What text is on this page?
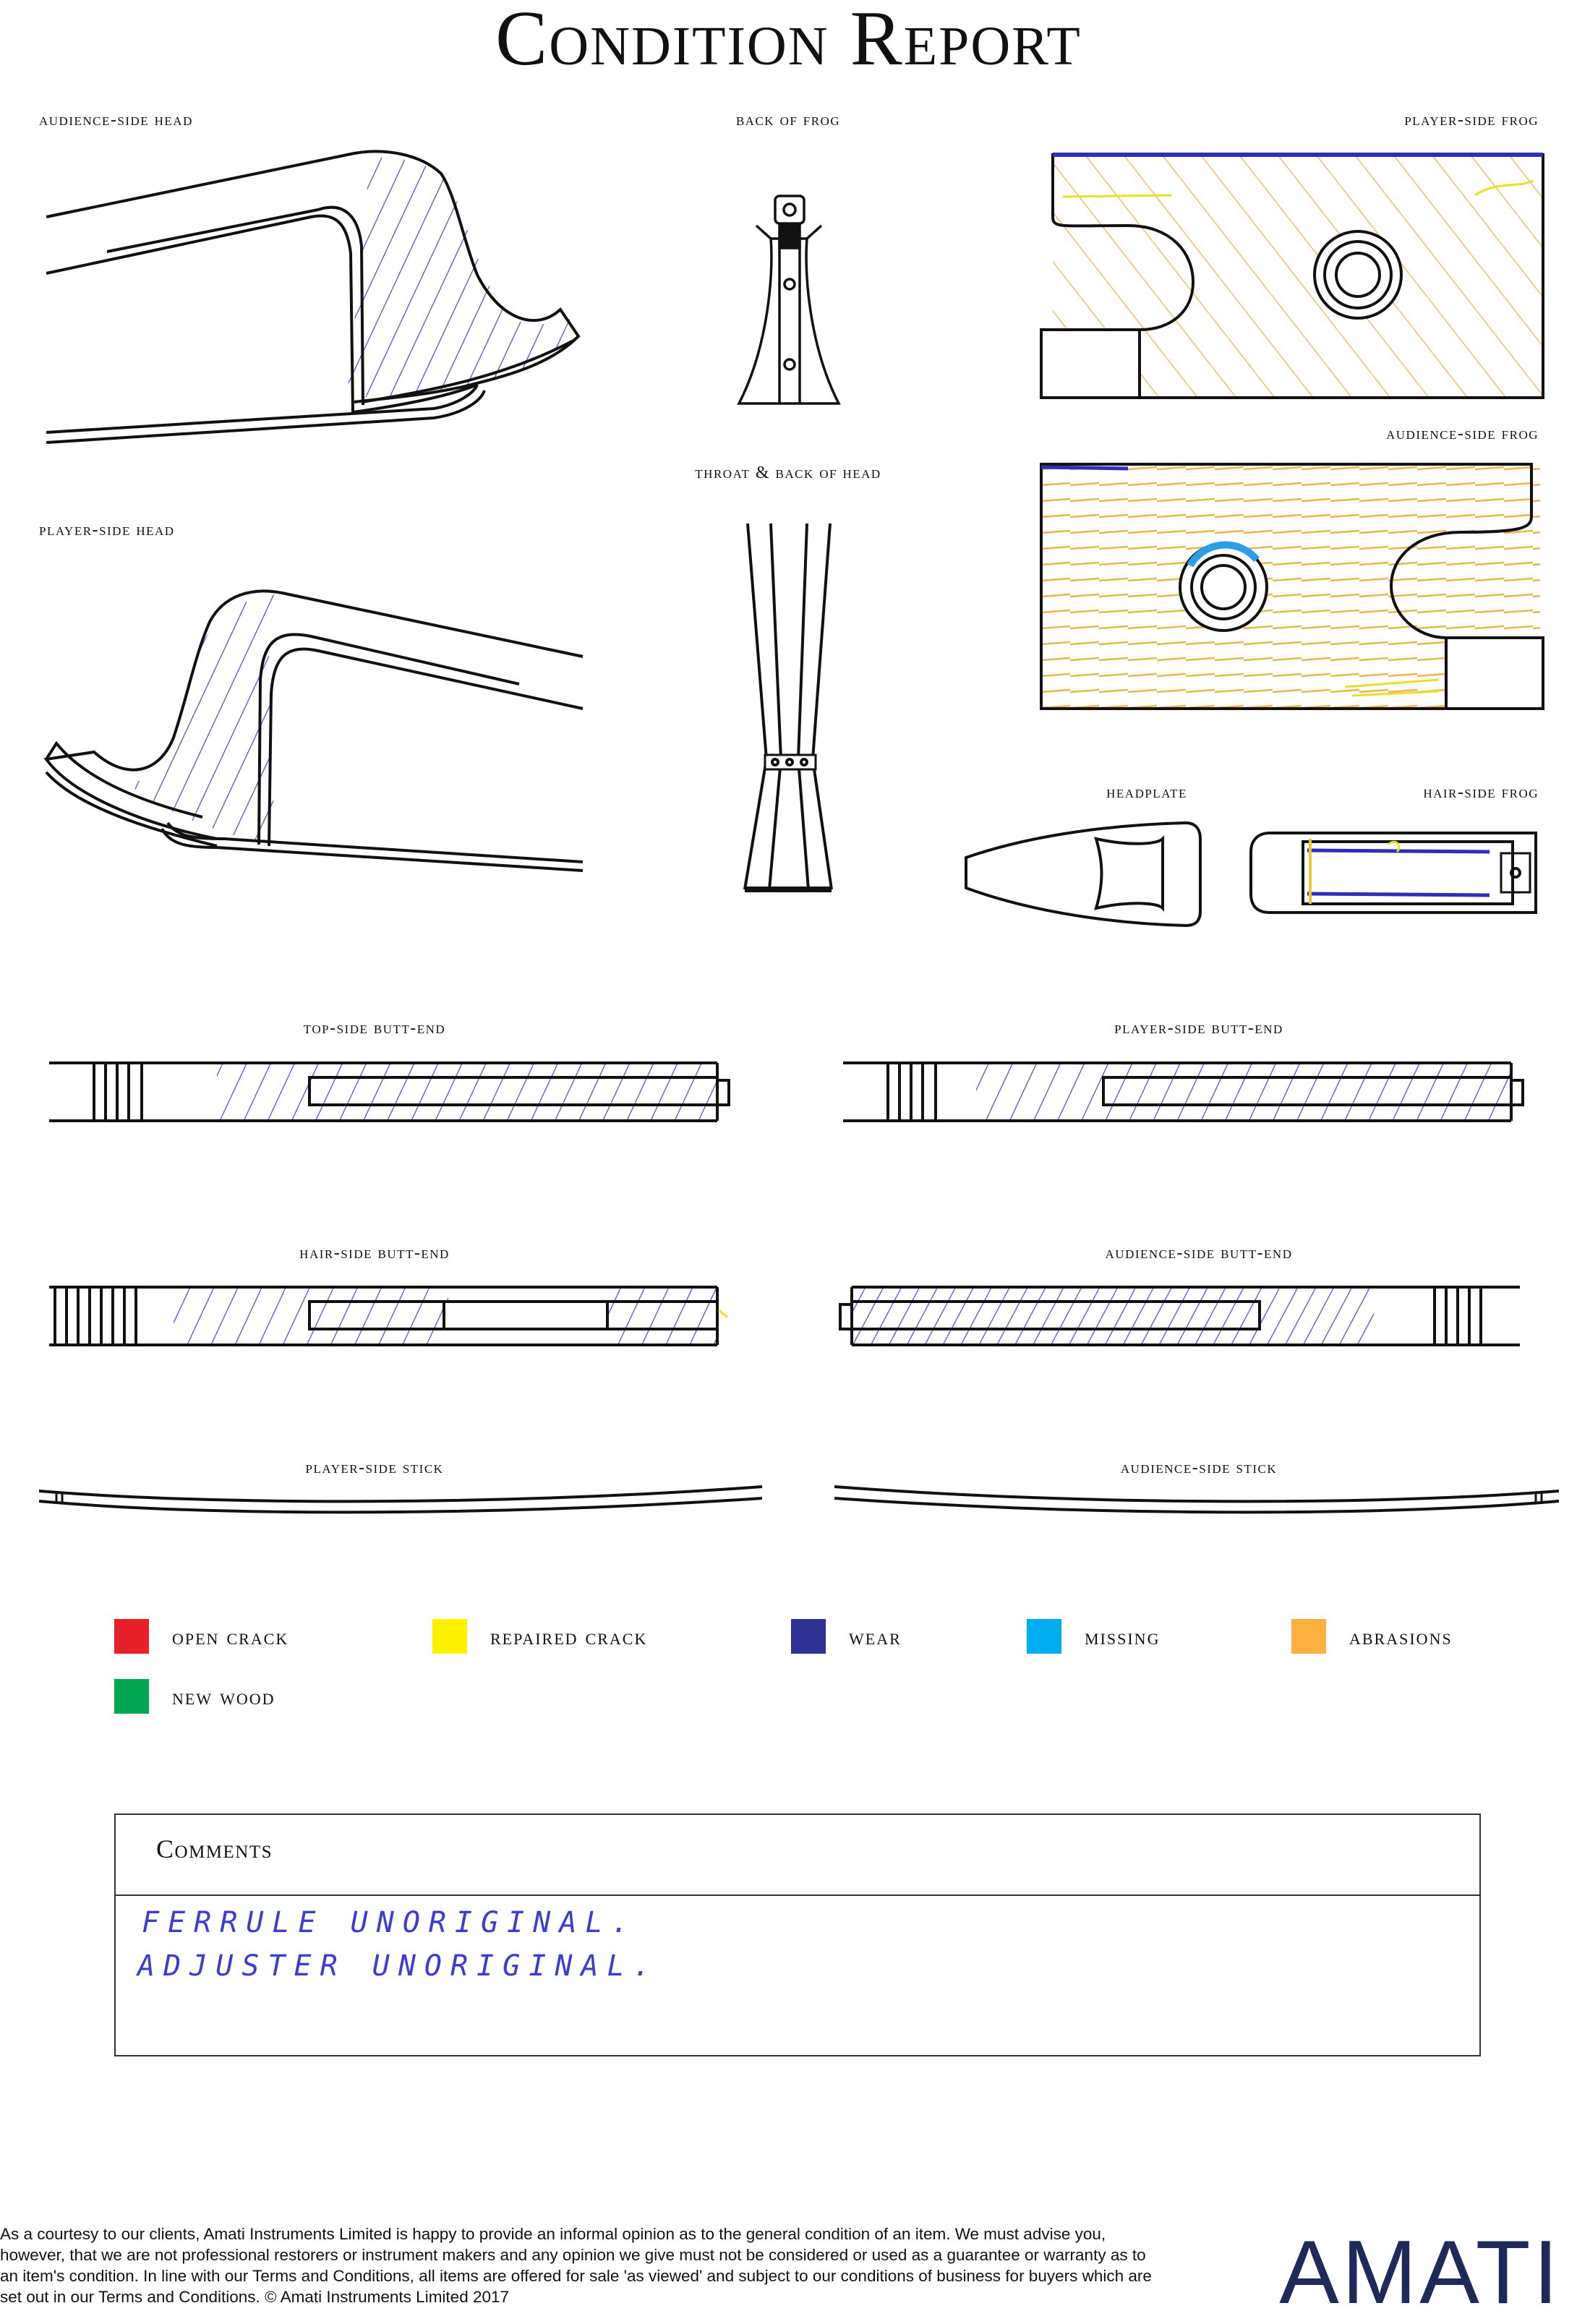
Condition Report
audience-side head	back of frog	player-side frog
audience-side frog
throat & back of head
player-side head
headplate	hair-side frog
top-side butt-end	player-side butt-end
hair-side butt-end	audience-side butt-end
player-side stick	audience-side stick
open crack	repaired crack	wear	missing	abrasions
new wood
Comments
FERRULE UNORIGINAL.
ADJUSTER UNORIGINAL.
As a courtesy to our clients, Amati Instruments Limited is happy to provide an informal opinion as to the general condition of an item. We must advise you, however, that we are not professional restorers or instrument makers and any opinion we give must not be considered or used as a guarantee or warranty as to an item's condition. In line with our Terms and Conditions, all items are offered for sale 'as viewed' and subject to our conditions of business for buyers which are set out in our Terms and Conditions. © Amati Instruments Limited 2017	AMATI
